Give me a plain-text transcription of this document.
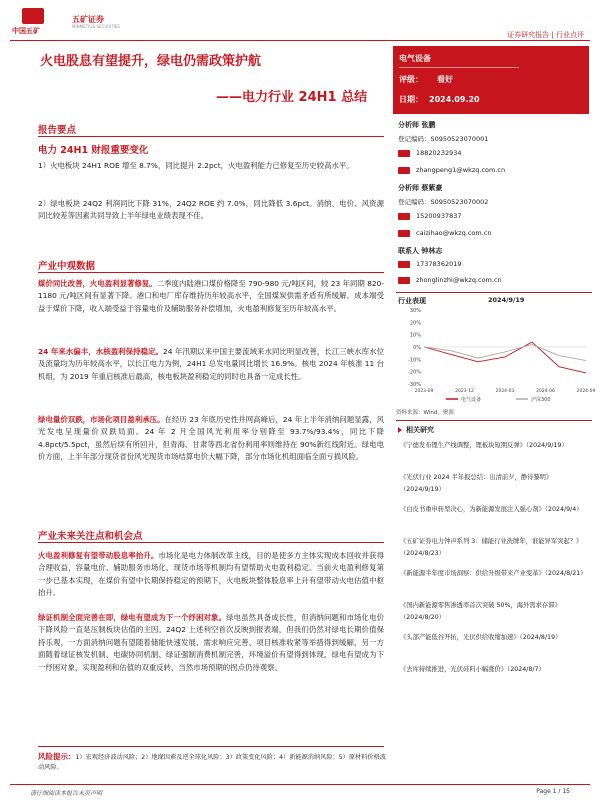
中国五矿
五矿证券
MINMETALS SECURITIES
证券研究报告 | 行业点评
火电股息有望提升，绿电仍需政策护航
——电力行业 24H1 总结
电气设备
评级： 看好
日期： 2024.09.20
分析师 张鹏
登记编码：S0950523070001
18820232934
zhangpeng1@wkzq.com.cn
分析师 蔡紫豪
登记编码：S0950523070002
15200937837
caizihao@wkzq.com.cn
联系人 钟林志
17378362019
zhonglinzhi@wkzq.com.cn
行业表现	2024/9/19
30%
20%
10%
0%
-10%
-20%
-30%
2023-09	2023-12	2024-03	2024-06	2024-09
电气设备	沪深300
资料来源：Wind，聚源
相关研究
《宁德发布锂生产线调整，锂板块短期反弹》（2024/9/19）
《光伏行业 2024 半年报总结：出清前夕，静待黎明》（2024/9/19）
《白皮书重申转型决心，为新能源发展注入强心剂》（2024/9/4）
《五矿证券电力钟声系列 3：储能行业洗牌年，谁能异军突起？》（2024/8/23）
《新能源半年度市场洞察：供给升级带来产业变革》（2024/8/21）
《国内新能源零售渗透率首次突破 50%，海外需求存滞》（2024/8/20）
《头部产能低谷开拓，光伏供给收缩加速》（2024/8/19）
《去库持续推进，光伏硅料小幅涨价》（2024/8/7）
报告要点
电力 24H1 财报重要变化
1）火电板块 24H1 ROE 增至 8.7%，同比提升 2.2pct，火电盈利能力已修复至历史较高水平。
2）绿电板块 24Q2 利润同比下降 31%，24Q2 ROE 约 7.0%，同比降低 3.6pct。消纳、电价、风资源同比较差等因素共同导致上半年绿电业绩表现不佳。
产业中观数据
煤价同比改善，火电盈利显著修复。二季度内陆港口煤价格降至 790-980 元/吨区间，较 23 年同期 820-1180 元/吨区间有显著下降。港口和电厂库存维持历年较高水平，全国煤炭供需矛盾有所缓解。成本端受益于煤价下降，收入端受益于容量电价及辅助服务补偿增加，火电盈利修复至历年较高水平。
24 年来水偏丰，水核盈利保持稳定。24 年汛期以来中国主要流域来水同比明显改善，长江三峡水库水位及流量均为历年较高水平，以长江电力为例，24H1 总发电量同比增长 16.9%。核电 2024 年核准 11 台机组，为 2019 年重启核准后最高，核电板块盈利稳定的同时也具备一定成长性。
绿电量价双跌，市场化项目盈利承压。在经历 23 年底历史性并网高峰后，24 年上半年消纳问题显露，风光发电呈现量价双跌局面。24 年 2 月全国风光利用率分别降至 93.7%/93.4%，同比下降 4.8pct/5.5pct，虽然后续有所回升，但青海、甘肃等西北省份利用率则维持在 90%新红线附近。绿电电价方面，上半年部分现货省份风光现货市场结算电价大幅下降，部分市场化机组面临全面亏损风险。
产业未来关注点和机会点
火电盈利修复有望带动股息率抬升。市场化是电力体制改革主线，目的是使多方主体实现成本回收并获得合理收益，容量电价、辅助服务市场化、现货市场等机制均有望帮助火电盈利稳定。当前火电盈利修复第一步已基本实现，在煤价有望中长期保持稳定的预期下，火电板块整体股息率上升有望带动火电估值中枢抬升。
绿证机制全面完善在即，绿电有望成为下一个纾困对象。绿电虽然具备成长性，但消纳问题和市场化电价下降风险一直是压制板块估值的主因。24Q2 上述利空首次反映到报表端，但我们仍然对绿电长期价值保持乐观，一方面消纳问题有望随着储能快速发展、需求响应完善、项目核准收紧等举措得到缓解，另一方面随着绿证核发机制、电碳协同机制、绿证强制消费机制完善，环境溢价有望得到体现，绿电有望成为下一纾困对象，实现盈利和估值的双重反转，当然市场预期的拐点仍待观察。
风险提示：1）宏观经济波动风险；2）地缘因素及逆全球化风险；3）政策变化风险；4）新能源消纳风险；5）原材料价格波动风险。
请仔细阅读本报告末页声明	Page 1 / 15
